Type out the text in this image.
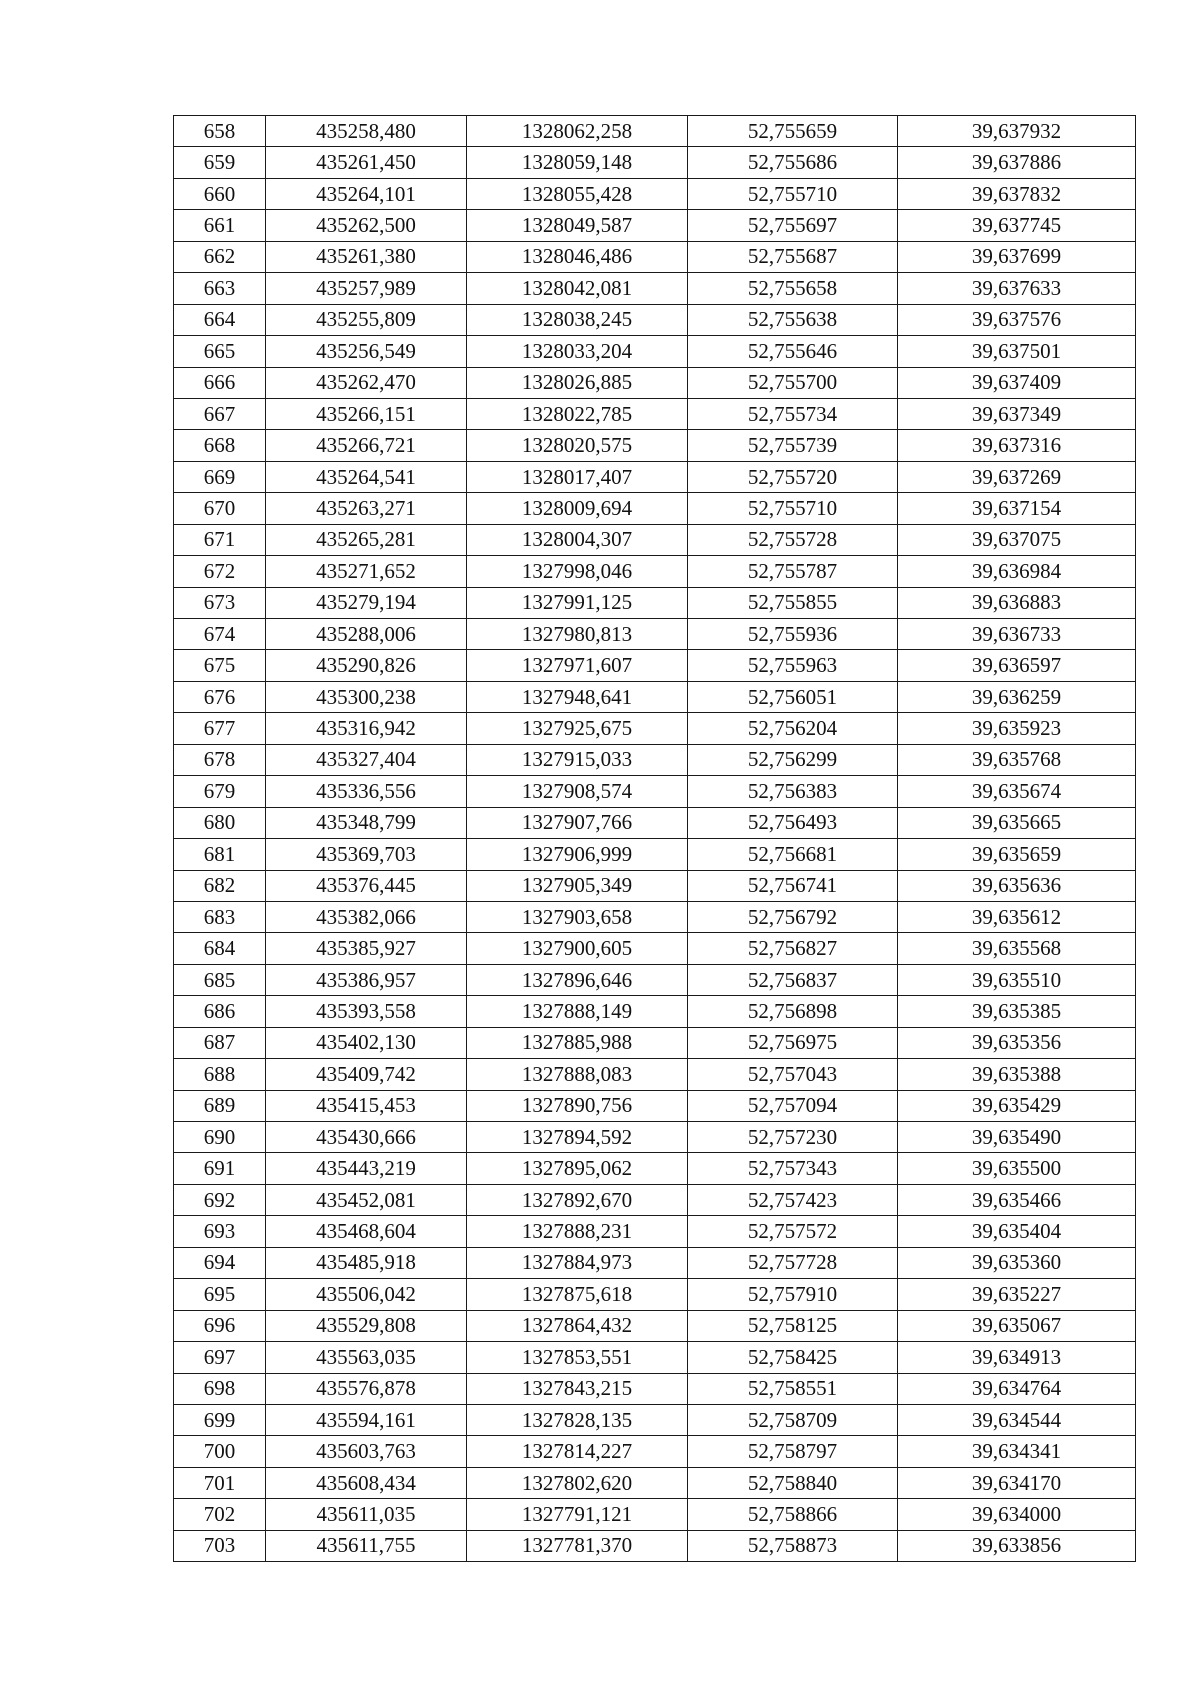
658	435258,480	1328062,258	52,755659	39,637932
659	435261,450	1328059,148	52,755686	39,637886
660	435264,101	1328055,428	52,755710	39,637832
661	435262,500	1328049,587	52,755697	39,637745
662	435261,380	1328046,486	52,755687	39,637699
663	435257,989	1328042,081	52,755658	39,637633
664	435255,809	1328038,245	52,755638	39,637576
665	435256,549	1328033,204	52,755646	39,637501
666	435262,470	1328026,885	52,755700	39,637409
667	435266,151	1328022,785	52,755734	39,637349
668	435266,721	1328020,575	52,755739	39,637316
669	435264,541	1328017,407	52,755720	39,637269
670	435263,271	1328009,694	52,755710	39,637154
671	435265,281	1328004,307	52,755728	39,637075
672	435271,652	1327998,046	52,755787	39,636984
673	435279,194	1327991,125	52,755855	39,636883
674	435288,006	1327980,813	52,755936	39,636733
675	435290,826	1327971,607	52,755963	39,636597
676	435300,238	1327948,641	52,756051	39,636259
677	435316,942	1327925,675	52,756204	39,635923
678	435327,404	1327915,033	52,756299	39,635768
679	435336,556	1327908,574	52,756383	39,635674
680	435348,799	1327907,766	52,756493	39,635665
681	435369,703	1327906,999	52,756681	39,635659
682	435376,445	1327905,349	52,756741	39,635636
683	435382,066	1327903,658	52,756792	39,635612
684	435385,927	1327900,605	52,756827	39,635568
685	435386,957	1327896,646	52,756837	39,635510
686	435393,558	1327888,149	52,756898	39,635385
687	435402,130	1327885,988	52,756975	39,635356
688	435409,742	1327888,083	52,757043	39,635388
689	435415,453	1327890,756	52,757094	39,635429
690	435430,666	1327894,592	52,757230	39,635490
691	435443,219	1327895,062	52,757343	39,635500
692	435452,081	1327892,670	52,757423	39,635466
693	435468,604	1327888,231	52,757572	39,635404
694	435485,918	1327884,973	52,757728	39,635360
695	435506,042	1327875,618	52,757910	39,635227
696	435529,808	1327864,432	52,758125	39,635067
697	435563,035	1327853,551	52,758425	39,634913
698	435576,878	1327843,215	52,758551	39,634764
699	435594,161	1327828,135	52,758709	39,634544
700	435603,763	1327814,227	52,758797	39,634341
701	435608,434	1327802,620	52,758840	39,634170
702	435611,035	1327791,121	52,758866	39,634000
703	435611,755	1327781,370	52,758873	39,633856
